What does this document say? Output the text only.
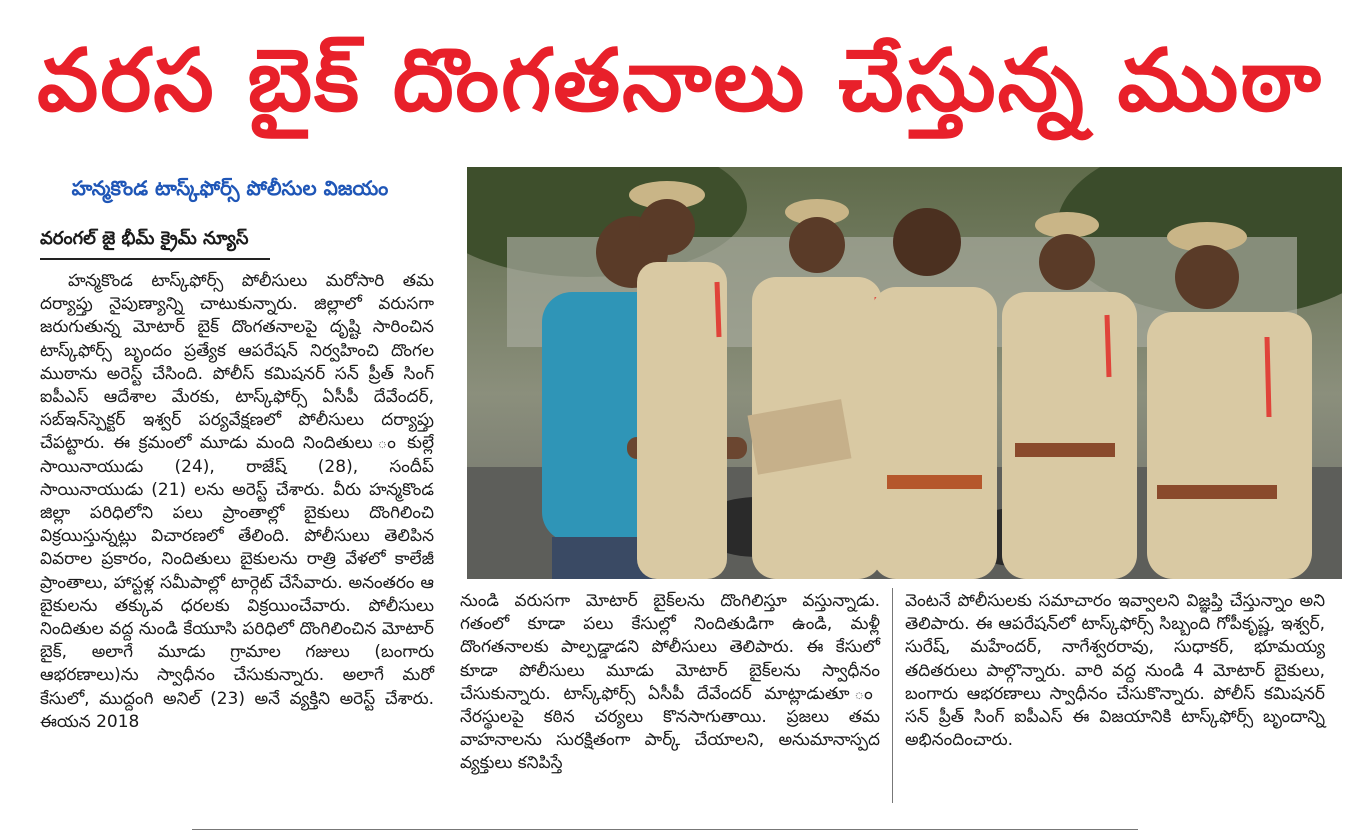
వరస బైక్ దొంగతనాలు చేస్తున్న ముఠా
హన్మకొండ టాస్క్‌ఫోర్స్ పోలీసుల విజయం
వరంగల్ జై భీమ్ క్రైమ్ న్యూస్

హన్మకొండ టాస్క్‌ఫోర్స్ పోలీసులు మరోసారి తమ దర్యాప్తు నైపుణ్యాన్ని చాటుకున్నారు. జిల్లాలో వరుసగా జరుగుతున్న మోటార్ బైక్ దొంగతనాలపై దృష్టి సారించిన టాస్క్‌ఫోర్స్ బృందం ప్రత్యేక ఆపరేషన్ నిర్వహించి దొంగల ముఠాను అరెస్ట్ చేసింది. పోలీస్ కమిషనర్ సన్ ప్రీత్ సింగ్ ఐపీఎస్ ఆదేశాల మేరకు, టాస్క్‌ఫోర్స్ ఏసీపీ దేవేందర్, సబ్‌ఇన్‌స్పెక్టర్ ఇశ్వర్ పర్యవేక్షణలో పోలీసులు దర్యాప్తు చేపట్టారు. ఈ క్రమంలో మూడు మంది నిందితులు ం కుల్లే సాయినాయుడు (24), రాజేష్ (28), సందీప్ సాయినాయుడు (21) లను అరెస్ట్ చేశారు. వీరు హన్మకొండ జిల్లా పరిధిలోని పలు ప్రాంతాల్లో బైకులు దొంగిలించి విక్రయిస్తున్నట్లు విచారణలో తేలింది. పోలీసులు తెలిపిన వివరాల ప్రకారం, నిందితులు బైకులను రాత్రి వేళలో కాలేజీ ప్రాంతాలు, హాస్టళ్ల సమీపాల్లో టార్గెట్ చేసేవారు. అనంతరం ఆ బైకులను తక్కువ ధరలకు విక్రయించేవారు. పోలీసులు నిందితుల వద్ద నుండి కేయూసి పరిధిలో దొంగిలించిన మోటార్ బైక్, అలాగే మూడు గ్రామాల గజులు (బంగారు ఆభరణాలు)ను స్వాధీనం చేసుకున్నారు. అలాగే మరో కేసులో, ముద్దంగి అనిల్ (23) అనే వ్యక్తిని అరెస్ట్ చేశారు. ఈయన 2018

నుండి వరుసగా మోటార్ బైక్‌లను దొంగిలిస్తూ వస్తున్నాడు. గతంలో కూడా పలు కేసుల్లో నిందితుడిగా ఉండి, మళ్లీ దొంగతనాలకు పాల్పడ్డాడని పోలీసులు తెలిపారు. ఈ కేసులో కూడా పోలీసులు మూడు మోటార్ బైక్‌లను స్వాధీనం చేసుకున్నారు. టాస్క్‌ఫోర్స్ ఏసీపీ దేవేందర్ మాట్లాడుతూ ం నేరస్థులపై కఠిన చర్యలు కొనసాగుతాయి. ప్రజలు తమ వాహనాలను సురక్షితంగా పార్క్ చేయాలని, అనుమానాస్పద వ్యక్తులు కనిపిస్తే

వెంటనే పోలీసులకు సమాచారం ఇవ్వాలని విజ్ఞప్తి చేస్తున్నాం అని తెలిపారు. ఈ ఆపరేషన్‌లో టాస్క్‌ఫోర్స్ సిబ్బంది గోపీకృష్ణ, ఇశ్వర్, సురేష్, మహేందర్, నాగేశ్వరరావు, సుధాకర్, భూమయ్య తదితరులు పాల్గొన్నారు. వారి వద్ద నుండి 4 మోటార్ బైకులు, బంగారు ఆభరణాలు స్వాధీనం చేసుకొన్నారు. పోలీస్ కమిషనర్ సన్ ప్రీత్ సింగ్ ఐపీఎస్ ఈ విజయానికి టాస్క్‌ఫోర్స్ బృందాన్ని అభినందించారు.
